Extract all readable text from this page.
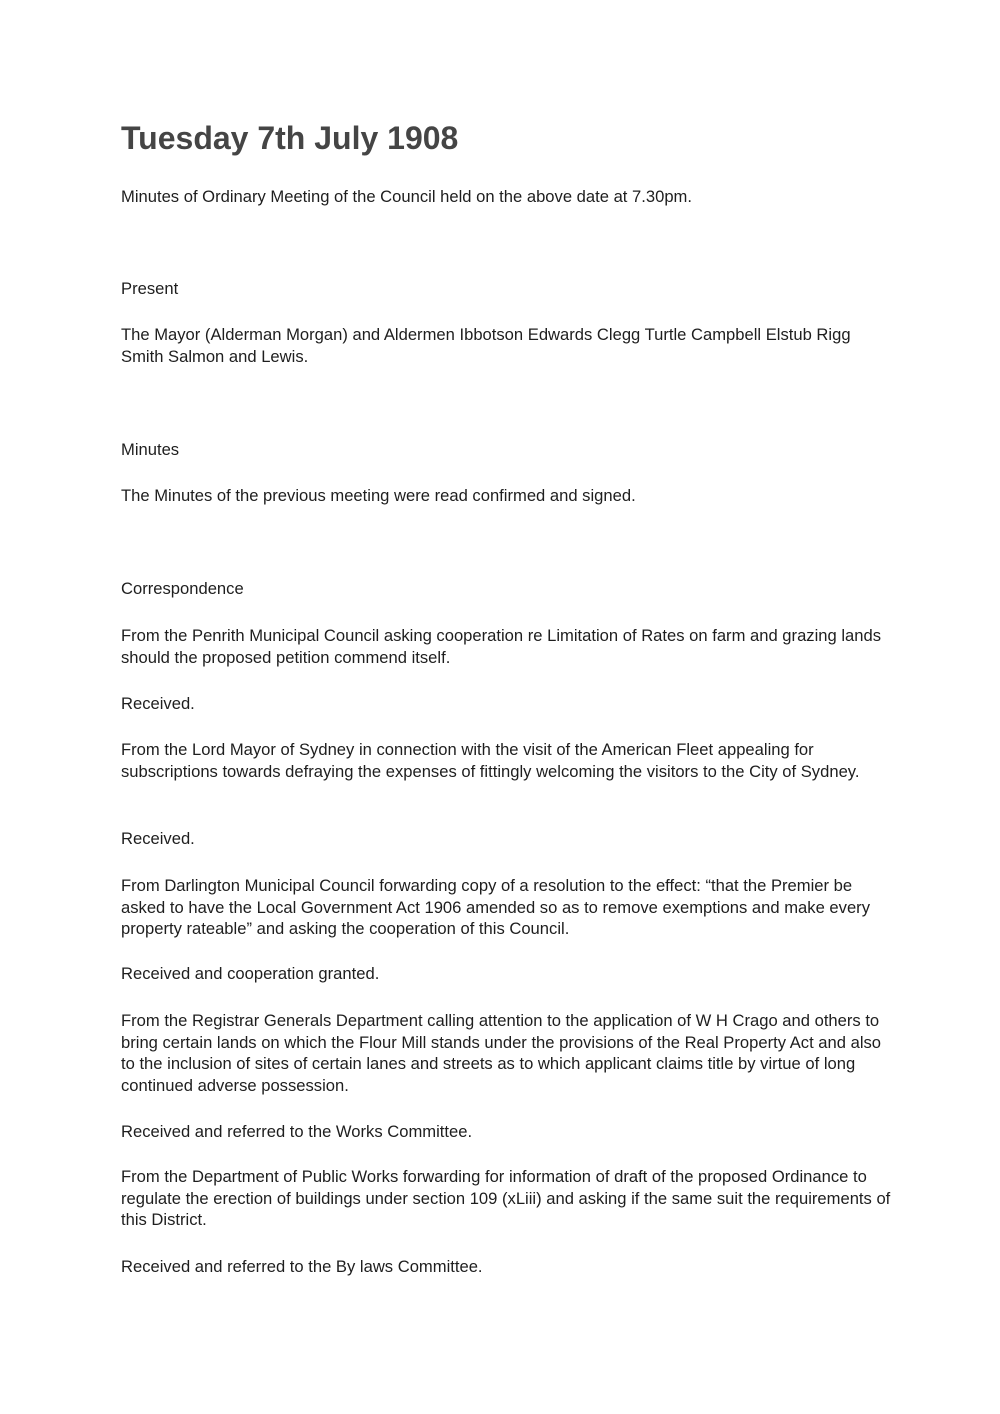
Tuesday 7th July 1908

Minutes of Ordinary Meeting of the Council held on the above date at 7.30pm.

Present

The Mayor (Alderman Morgan) and Aldermen Ibbotson Edwards Clegg Turtle Campbell Elstub Rigg Smith Salmon and Lewis.

Minutes

The Minutes of the previous meeting were read confirmed and signed.

Correspondence

From the Penrith Municipal Council asking cooperation re Limitation of Rates on farm and grazing lands should the proposed petition commend itself.

Received.

From the Lord Mayor of Sydney in connection with the visit of the American Fleet appealing for subscriptions towards defraying the expenses of fittingly welcoming the visitors to the City of Sydney.

Received.

From Darlington Municipal Council forwarding copy of a resolution to the effect: “that the Premier be asked to have the Local Government Act 1906 amended so as to remove exemptions and make every property rateable” and asking the cooperation of this Council.

Received and cooperation granted.

From the Registrar Generals Department calling attention to the application of W H Crago and others to bring certain lands on which the Flour Mill stands under the provisions of the Real Property Act and also to the inclusion of sites of certain lanes and streets as to which applicant claims title by virtue of long continued adverse possession.

Received and referred to the Works Committee.

From the Department of Public Works forwarding for information of draft of the proposed Ordinance to regulate the erection of buildings under section 109 (xLiii) and asking if the same suit the requirements of this District.

Received and referred to the By laws Committee.
